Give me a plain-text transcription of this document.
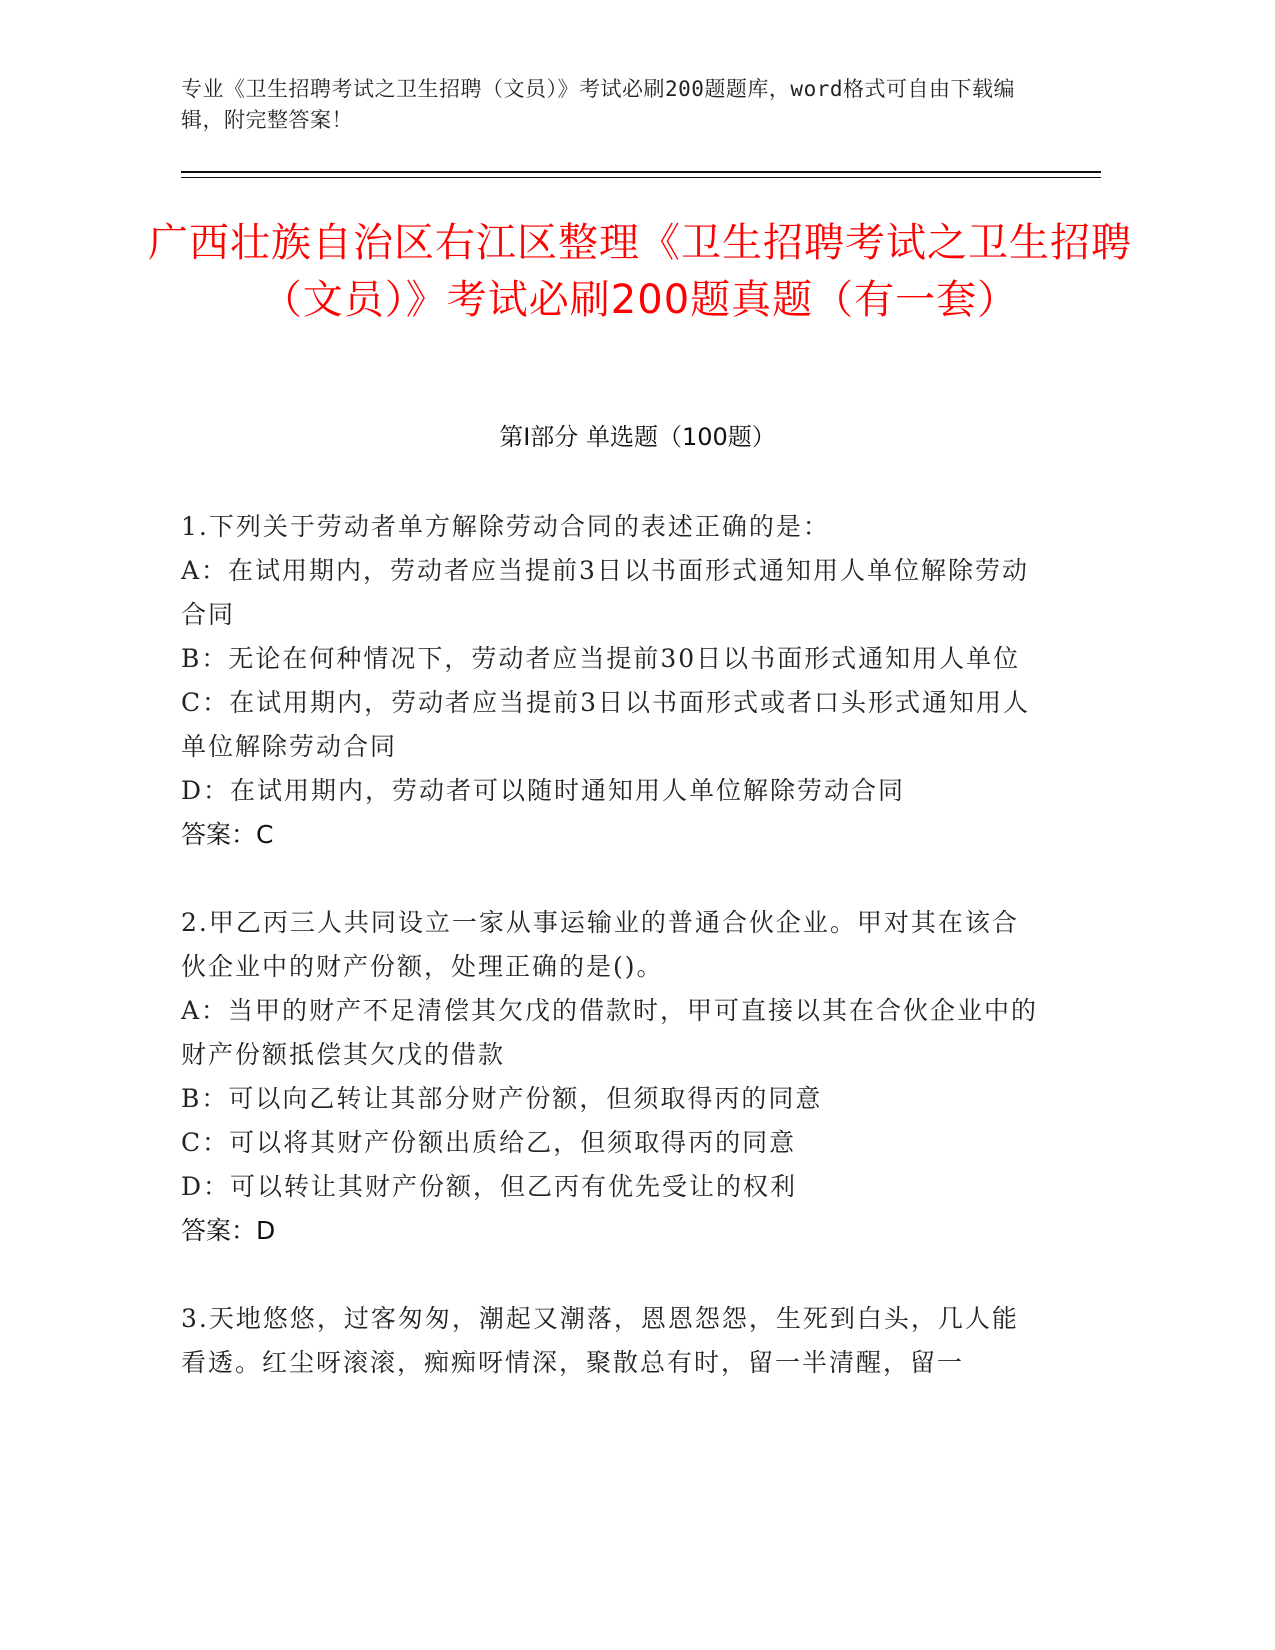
专业《卫生招聘考试之卫生招聘（文员）》考试必刷200题题库，word格式可自由下载编辑，附完整答案！
广西壮族自治区右江区整理《卫生招聘考试之卫生招聘（文员）》考试必刷200题真题（有一套）
第Ⅰ部分 单选题（100题）

1.下列关于劳动者单方解除劳动合同的表述正确的是：

A：在试用期内，劳动者应当提前3日以书面形式通知用人单位解除劳动合同

B：无论在何种情况下，劳动者应当提前30日以书面形式通知用人单位

C：在试用期内，劳动者应当提前3日以书面形式或者口头形式通知用人单位解除劳动合同

D：在试用期内，劳动者可以随时通知用人单位解除劳动合同

答案：C

2.甲乙丙三人共同设立一家从事运输业的普通合伙企业。甲对其在该合伙企业中的财产份额，处理正确的是()。

A：当甲的财产不足清偿其欠戊的借款时，甲可直接以其在合伙企业中的财产份额抵偿其欠戊的借款

B：可以向乙转让其部分财产份额，但须取得丙的同意

C：可以将其财产份额出质给乙，但须取得丙的同意

D：可以转让其财产份额，但乙丙有优先受让的权利

答案：D

3.天地悠悠，过客匆匆，潮起又潮落，恩恩怨怨，生死到白头，几人能看透。红尘呀滚滚，痴痴呀情深，聚散总有时，留一半清醒，留一
